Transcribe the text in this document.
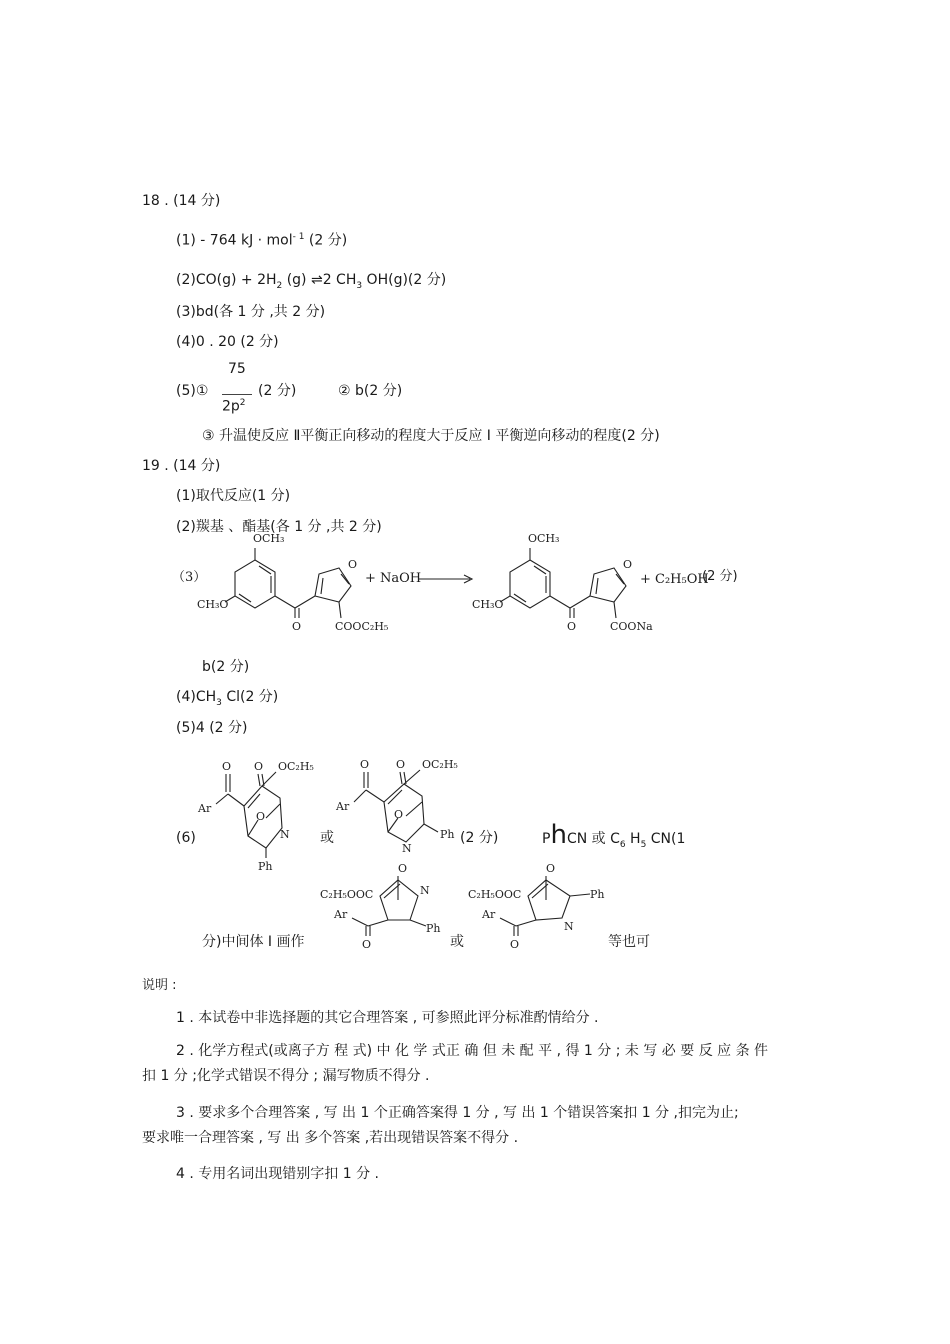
18 . (14 分)
(1) - 764 kJ · mol$^{- 1}$ (2 分)
$(2)CO(g) + 2H_2$ (g) ⇌2 $CH_3$ OH(g)(2 分)
(3)bd(各 1 分 ,共 2 分)
(4)0 . 20 (2 分)
75
(5)①
$2p^2$
(2 分)	② b(2 分)
③ 升温使反应 Ⅱ平衡正向移动的程度大于反应 Ⅰ 平衡逆向移动的程度(2 分)
19 . (14 分)
(1)取代反应(1 分)
(2)羰基 、酯基(各 1 分 ,共 2 分)
（3）
OCH₃
CH₃O
O
O
COOC₂H₅
+ NaOH
OCH₃
CH₃O
O
O
COONa
+ C₂H₅OH
(2 分)
b(2 分)
$(4)CH_3$ Cl(2 分)
(5)4 (2 分)
(6)
O
Ar
O OC₂H₅
O
N
Ph
或
O
Ar
O OC₂H₅
O
N
Ph (2 分)	PhCN 或 $C_6$ $H_5$ CN(1
分)中间体 I 画作
C₂H₅OOC
O
N
Ph
Ar
O	或
C₂H₅OOC
O
Ph
N
Ar
O	等也可
说明 :
1 . 本试卷中非选择题的其它合理答案 , 可参照此评分标准酌情给分 .
2 . 化学方程式(或离子方 程 式) 中 化 学 式正 确 但 未 配 平 , 得 1 分 ; 未 写 必 要 反 应 条 件
扣 1 分 ;化学式错误不得分 ; 漏写物质不得分 .
3 . 要求多个合理答案 , 写 出 1 个正确答案得 1 分 , 写 出 1 个错误答案扣 1 分 ,扣完为止;
要求唯一合理答案 , 写 出 多个答案 ,若出现错误答案不得分 .
4 . 专用名词出现错别字扣 1 分 .
